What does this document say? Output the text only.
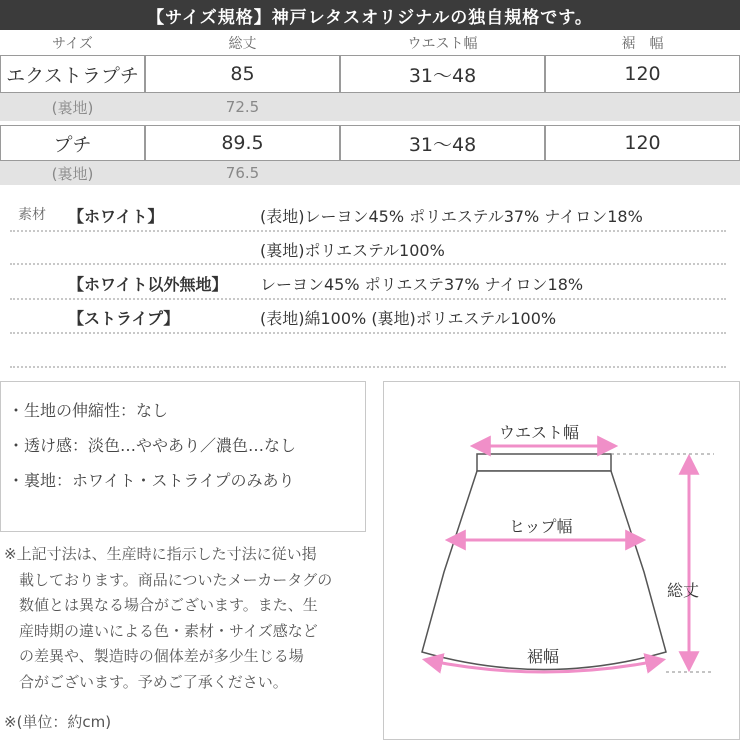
【サイズ規格】神戸レタスオリジナルの独自規格です。
サイズ	総丈	ウエスト幅	裾　幅
エクストラプチ	85	31～48	120
(裏地)	72.5
プチ	89.5	31～48	120
(裏地)	76.5
素材 【ホワイト】	(表地)レーヨン45% ポリエステル37% ナイロン18%
(裏地)ポリエステル100%
【ホワイト以外無地】 レーヨン45% ポリエステ37% ナイロン18%
【ストライプ】	(表地)綿100% (裏地)ポリエステル100%
・生地の伸縮性：なし
・透け感：淡色…ややあり／濃色…なし
・裏地：ホワイト・ストライプのみあり
※上記寸法は、生産時に指示した寸法に従い掲
　載しております。商品についたメーカータグの
　数値とは異なる場合がございます。また、生
　産時期の違いによる色・素材・サイズ感など
　の差異や、製造時の個体差が多少生じる場
　合がございます。予めご了承ください。
※(単位：約cm)
ウエスト幅
ヒップ幅
総丈
裾幅
